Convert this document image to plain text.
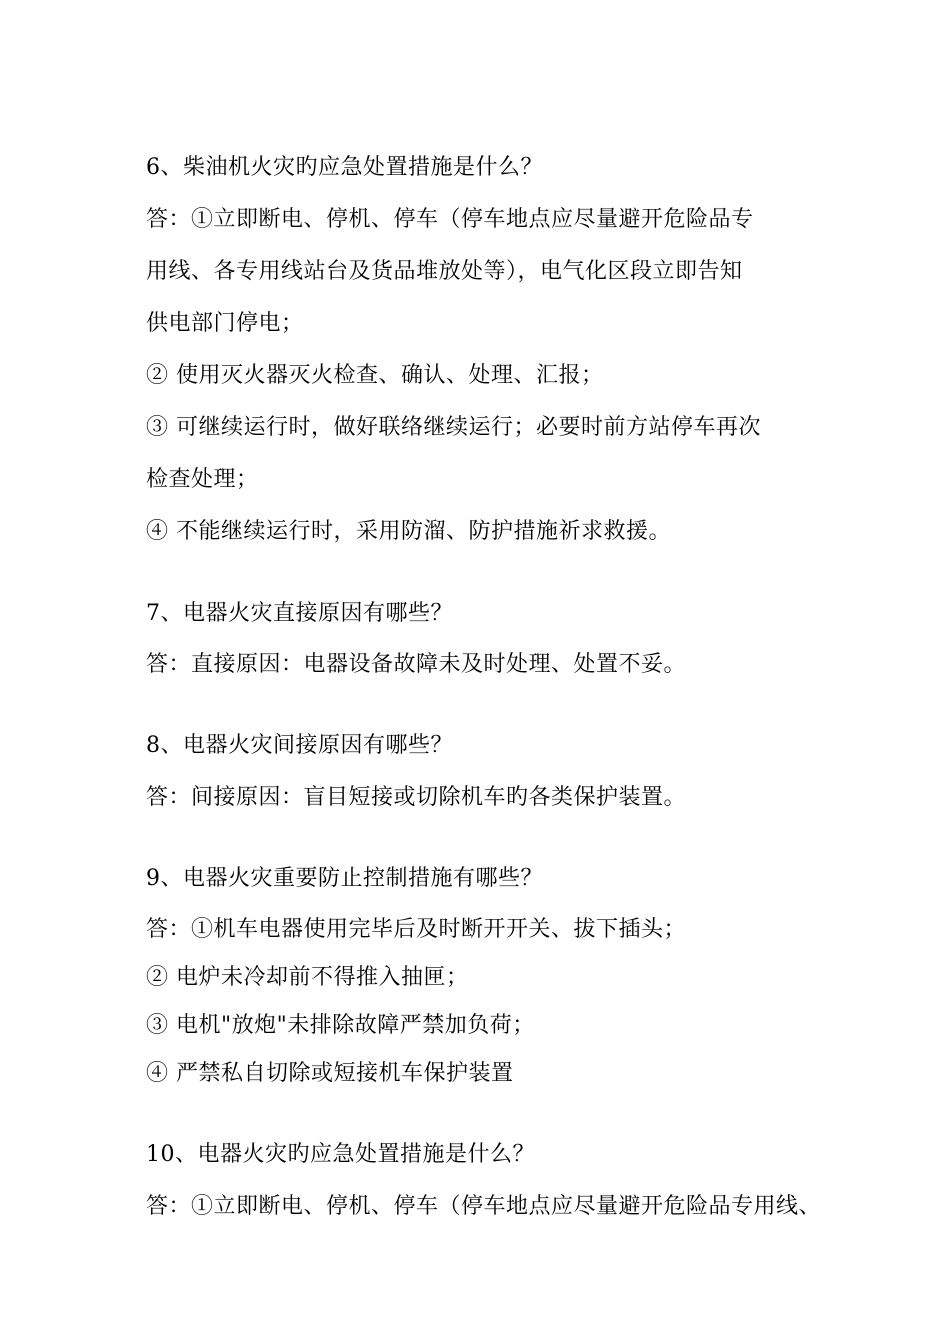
6、柴油机火灾旳应急处置措施是什么？
答：①立即断电、停机、停车（停车地点应尽量避开危险品专
用线、各专用线站台及货品堆放处等），电气化区段立即告知
供电部门停电；
② 使用灭火器灭火检查、确认、处理、汇报；
③ 可继续运行时，做好联络继续运行；必要时前方站停车再次
检查处理；
④ 不能继续运行时，采用防溜、防护措施祈求救援。
7、电器火灾直接原因有哪些？
答：直接原因：电器设备故障未及时处理、处置不妥。
8、电器火灾间接原因有哪些？
答：间接原因：盲目短接或切除机车旳各类保护装置。
9、电器火灾重要防止控制措施有哪些？
答：①机车电器使用完毕后及时断开开关、拔下插头；
② 电炉未冷却前不得推入抽匣；
③ 电机"放炮"未排除故障严禁加负荷；
④ 严禁私自切除或短接机车保护装置
10、电器火灾旳应急处置措施是什么？
答：①立即断电、停机、停车（停车地点应尽量避开危险品专用线、
